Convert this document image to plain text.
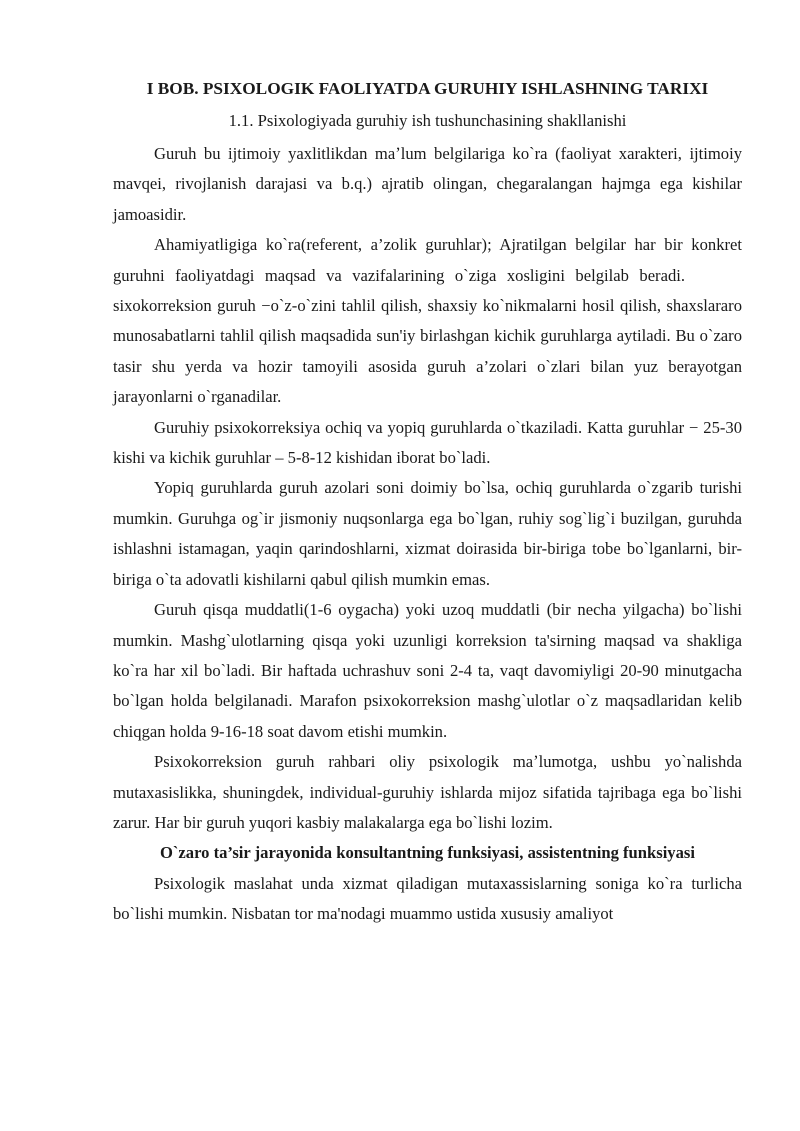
I BOB. PSIXOLOGIK FAOLIYATDA GURUHIY ISHLASHNING TARIXI
1.1. Psixologiyada guruhiy ish tushunchasining shakllanishi

Guruh bu ijtimoiy yaxlitlikdan maʼlum belgilariga ko`ra (faoliyat xarakteri, ijtimoiy mavqei, rivojlanish darajasi va b.q.) ajratib olingan, chegaralangan hajmga ega kishilar jamoasidir.

Ahamiyatligiga ko`ra(referent, a’zolik guruhlar); Ajratilgan belgilar har bir konkret guruhni faoliyatdagi maqsad va vazifalarining o`ziga xosligini belgilab beradi.sixokorreksion guruh −o`z-o`zini tahlil qilish, shaxsiy ko`nikmalarni hosil qilish, shaxslararo munosabatlarni tahlil qilish maqsadida sun'iy birlashgan kichik guruhlarga aytiladi. Bu o`zaro tasir shu yerda va hozir tamoyili asosida guruh a’zolari o`zlari bilan yuz berayotgan jarayonlarni o`rganadilar.

Guruhiy psixokorreksiya ochiq va yopiq guruhlarda o`tkaziladi. Katta guruhlar − 25-30 kishi va kichik guruhlar – 5-8-12 kishidan iborat bo`ladi.

Yopiq guruhlarda guruh azolari soni doimiy bo`lsa, ochiq guruhlarda o`zgarib turishi mumkin. Guruhga og`ir jismoniy nuqsonlarga ega bo`lgan, ruhiy sog`lig`i buzilgan, guruhda ishlashni istamagan, yaqin qarindoshlarni, xizmat doirasida bir-biriga tobe bo`lganlarni, bir-biriga o`ta adovatli kishilarni qabul qilish mumkin emas.

Guruh qisqa muddatli(1-6 oygacha) yoki uzoq muddatli (bir necha yilgacha) bo`lishi mumkin. Mashg`ulotlarning qisqa yoki uzunligi korreksion ta'sirning maqsad va shakliga ko`ra har xil bo`ladi. Bir haftada uchrashuv soni 2-4 ta, vaqt davomiyligi 20-90 minutgacha bo`lgan holda belgilanadi. Marafon psixokorreksion mashg`ulotlar o`z maqsadlaridan kelib chiqgan holda 9-16-18 soat davom etishi mumkin.

Psixokorreksion guruh rahbari oliy psixologik maʼlumotga, ushbu yo`nalishda mutaxasislikka, shuningdek, individual-guruhiy ishlarda mijoz sifatida tajribaga ega bo`lishi zarur. Har bir guruh yuqori kasbiy malakalarga ega bo`lishi lozim.

O`zaro ta’sir jarayonida konsultantning funksiyasi, assistentning funksiyasi

Psixologik maslahat unda xizmat qiladigan mutaxassislarning soniga ko`ra turlicha bo`lishi mumkin. Nisbatan tor ma'nodagi muammo ustida xususiy amaliyot
